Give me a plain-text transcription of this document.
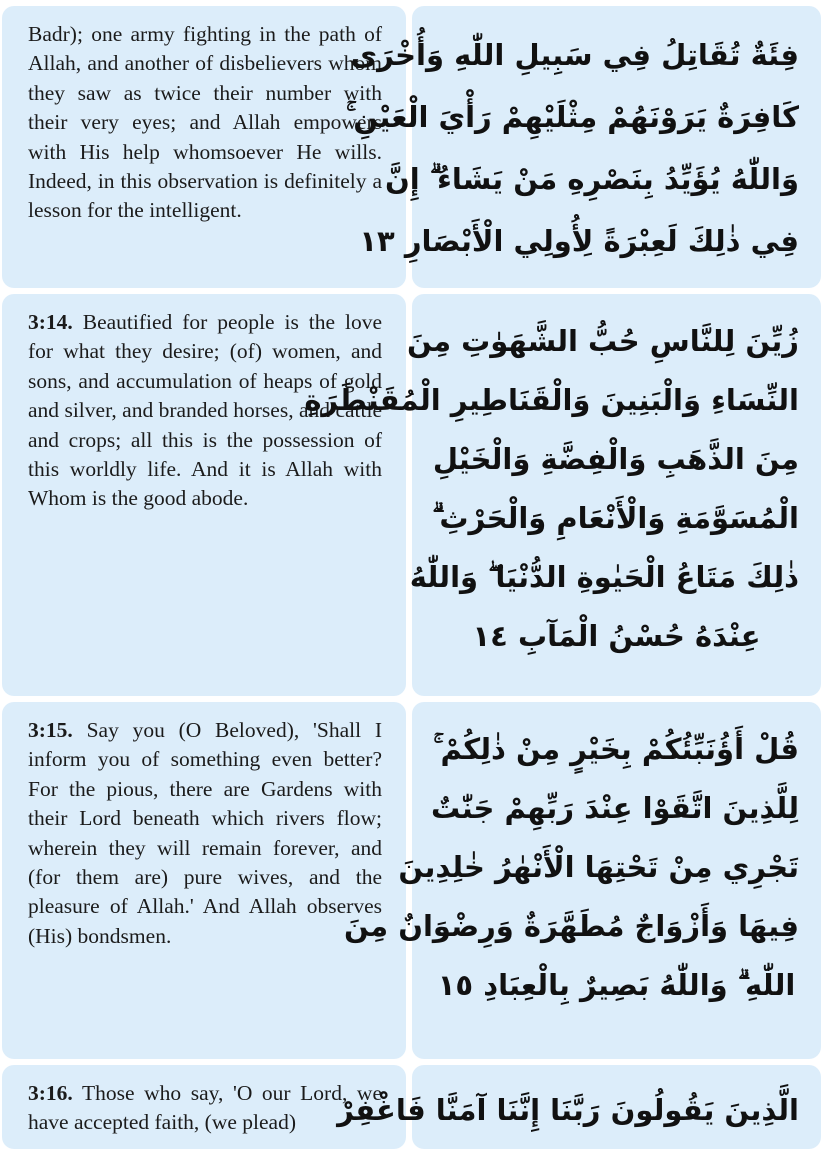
Badr); one army fighting in the path of Allah, and another of disbelievers whom they saw as twice their number with their very eyes; and Allah empowers with His help whomsoever He wills. Indeed, in this observation is definitely a lesson for the intelligent.

فِئَةٌ تُقَاتِلُ فِي سَبِيلِ اللّٰهِ وَأُخْرَى
كَافِرَةٌ يَرَوْنَهُمْ مِثْلَيْهِمْ رَأْيَ الْعَيْنِ ۚ
وَاللّٰهُ يُؤَيِّدُ بِنَصْرِهِ مَنْ يَشَاءُ ۗ إِنَّ
فِي ذٰلِكَ لَعِبْرَةً لِأُولِي الْأَبْصَارِ ١٣

3:14. Beautified for people is the love for what they desire; (of) women, and sons, and accumulation of heaps of gold and silver, and branded horses, and cattle and crops; all this is the possession of this worldly life. And it is Allah with Whom is the good abode.

زُيِّنَ لِلنَّاسِ حُبُّ الشَّهَوٰتِ مِنَ
النِّسَاءِ وَالْبَنِينَ وَالْقَنَاطِيرِ الْمُقَنْطَرَةِ
مِنَ الذَّهَبِ وَالْفِضَّةِ وَالْخَيْلِ
الْمُسَوَّمَةِ وَالْأَنْعَامِ وَالْحَرْثِ ۗ
ذٰلِكَ مَتَاعُ الْحَيٰوةِ الدُّنْيَا ۖ وَاللّٰهُ
عِنْدَهُ حُسْنُ الْمَآبِ ١٤

3:15. Say you (O Beloved), 'Shall I inform you of something even better? For the pious, there are Gardens with their Lord beneath which rivers flow; wherein they will remain forever, and (for them are) pure wives, and the pleasure of Allah.' And Allah observes (His) bondsmen.

قُلْ أَؤُنَبِّئُكُمْ بِخَيْرٍ مِنْ ذٰلِكُمْ ۚ
لِلَّذِينَ اتَّقَوْا عِنْدَ رَبِّهِمْ جَنّٰتٌ
تَجْرِي مِنْ تَحْتِهَا الْأَنْهٰرُ خٰلِدِينَ
فِيهَا وَأَزْوَاجٌ مُطَهَّرَةٌ وَرِضْوَانٌ مِنَ
اللّٰهِ ۗ وَاللّٰهُ بَصِيرٌ بِالْعِبَادِ ١٥

3:16. Those who say, 'O our Lord, we have accepted faith, (we plead)	الَّذِينَ يَقُولُونَ رَبَّنَا إِنَّنَا آمَنَّا فَاغْفِرْ
